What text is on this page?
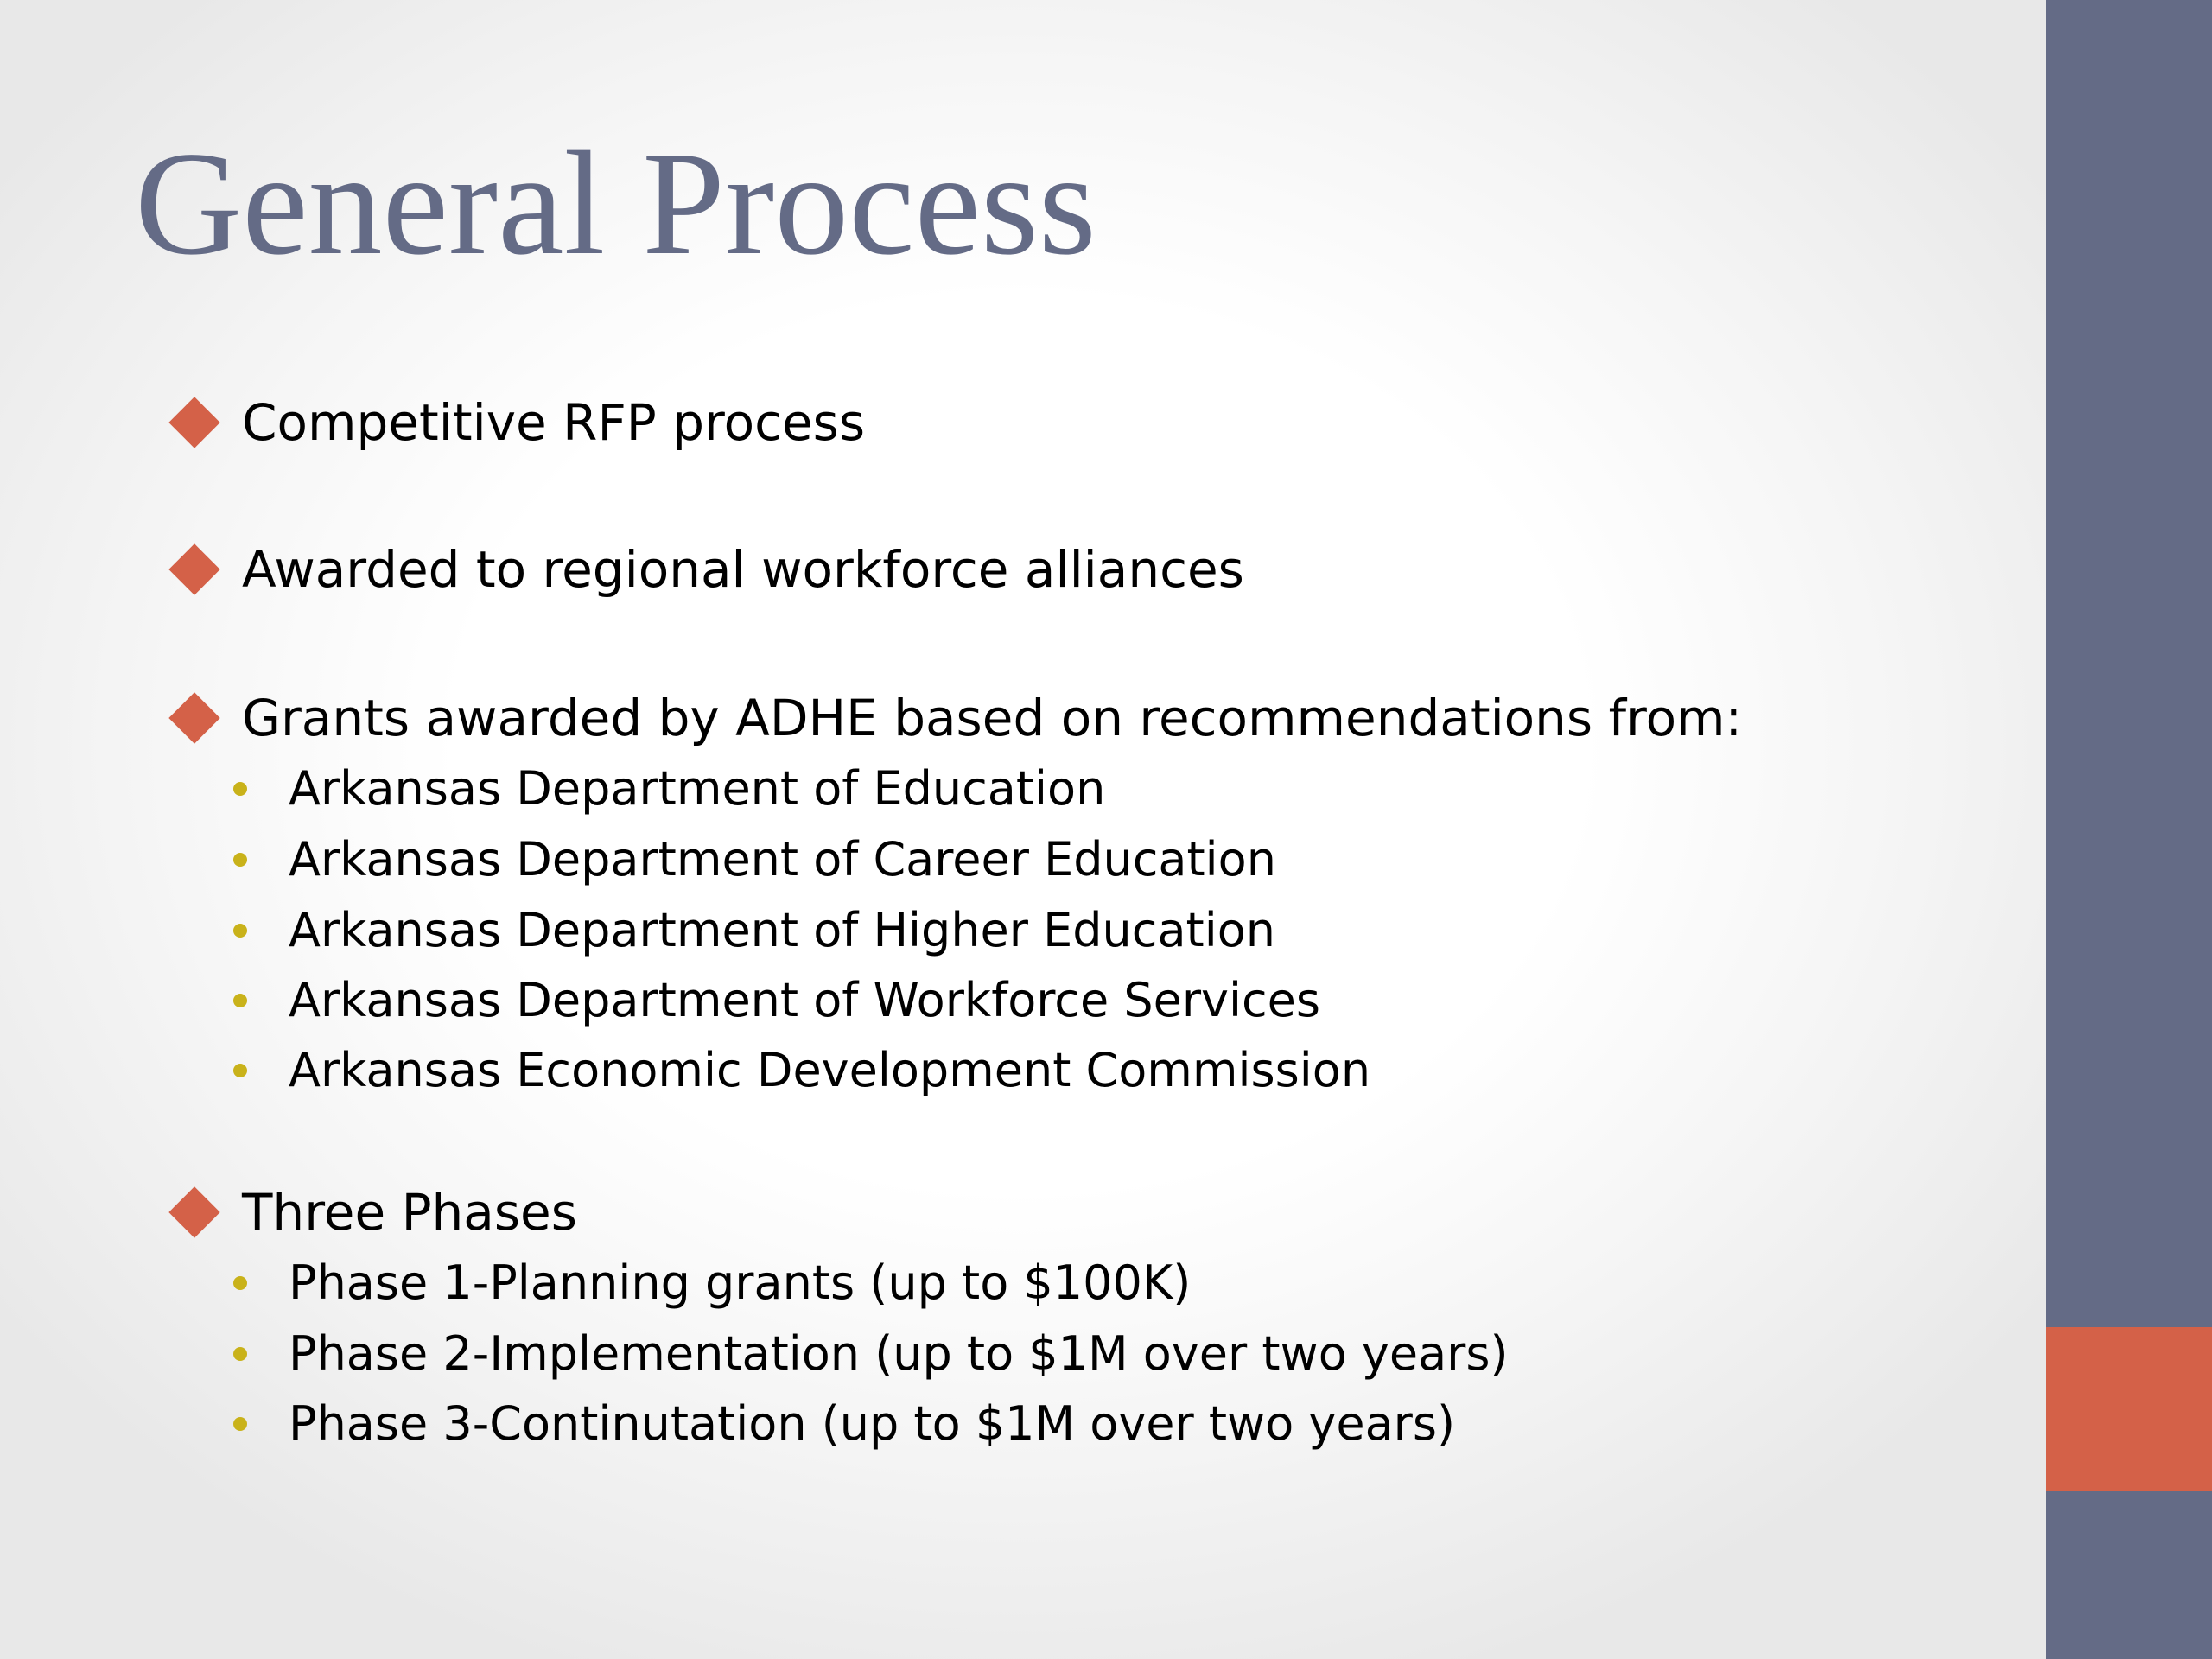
General Process
Competitive RFP process
Awarded to regional workforce alliances
Grants awarded by ADHE based on recommendations from:
Arkansas Department of Education
Arkansas Department of Career Education
Arkansas Department of Higher Education
Arkansas Department of Workforce Services
Arkansas Economic Development Commission
Three Phases
Phase 1-Planning grants (up to $100K)
Phase 2-Implementation (up to $1M over two years)
Phase 3-Continutation (up to $1M over two years)
